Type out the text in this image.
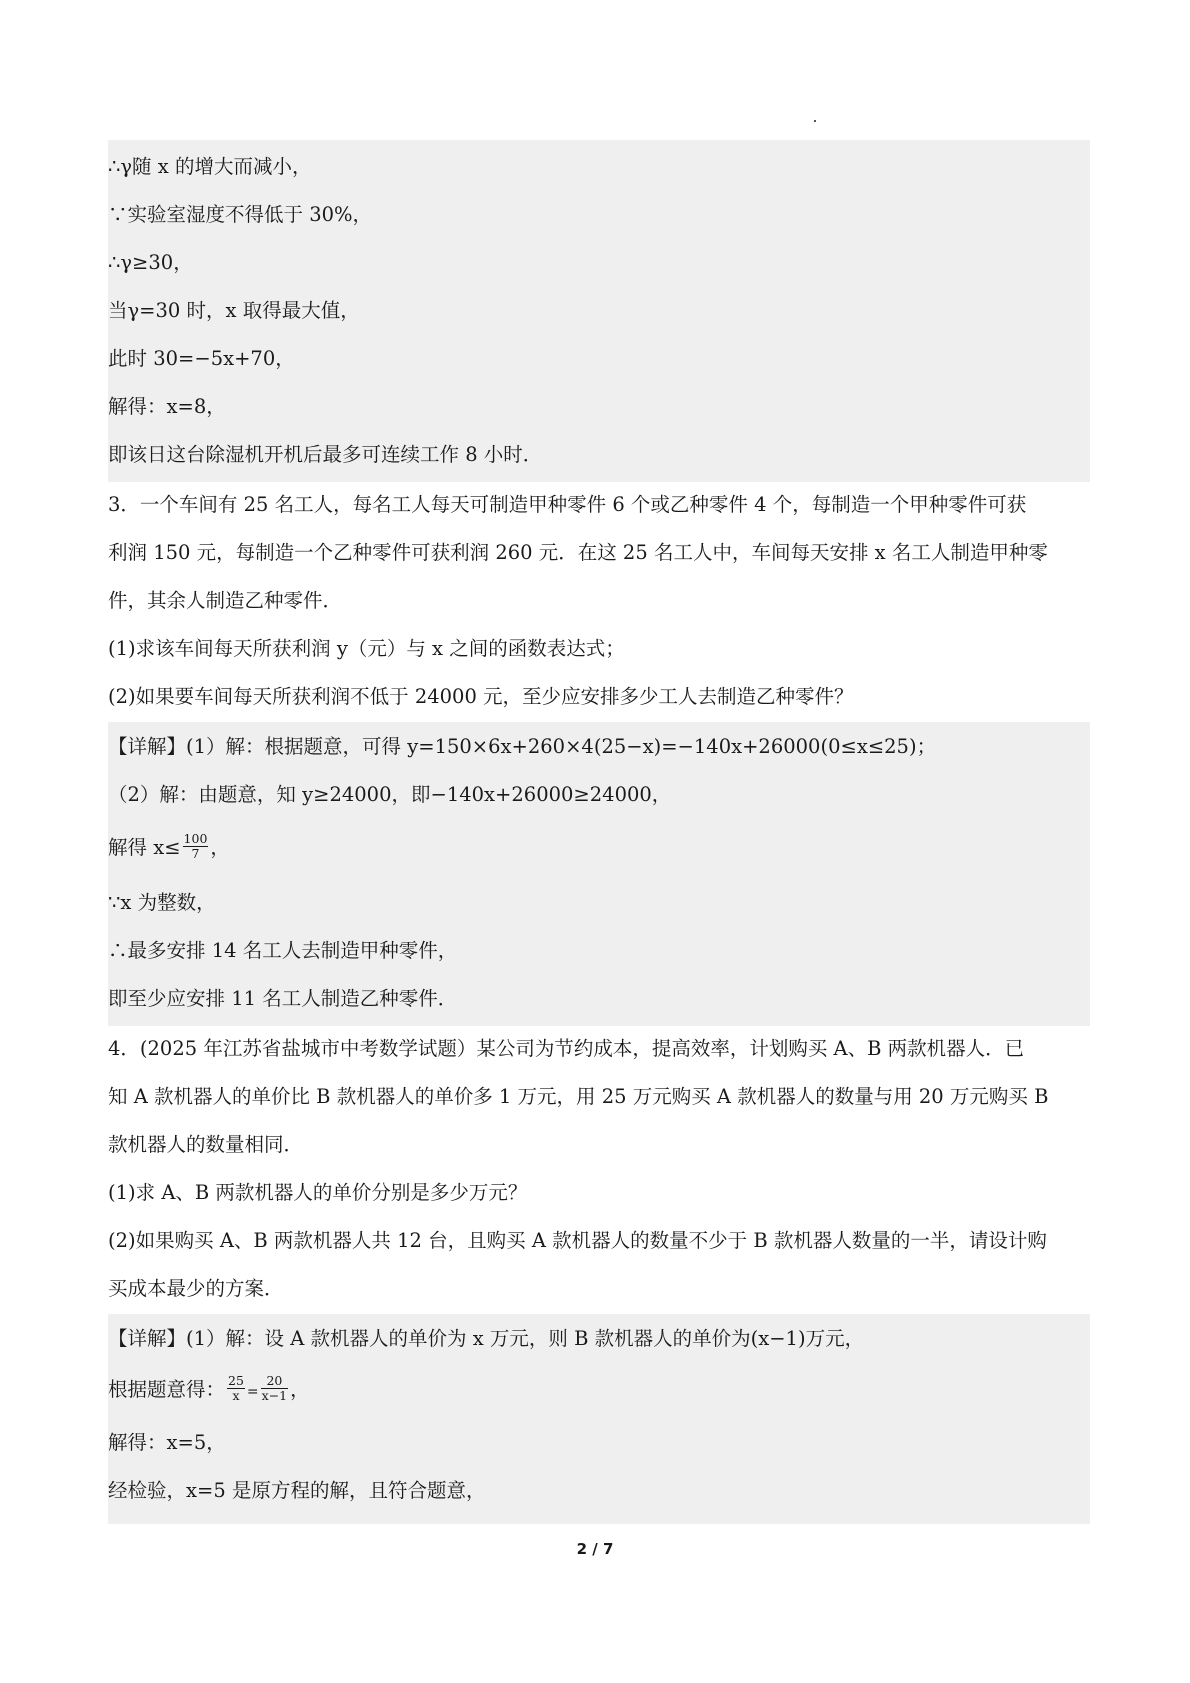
∴γ随 x 的增大而减小，
∵实验室湿度不得低于 30%，
∴γ≥30，
当γ=30 时，x 取得最大值，
此时 30=−5x+70，
解得：x=8，
即该日这台除湿机开机后最多可连续工作 8 小时．
3．一个车间有 25 名工人，每名工人每天可制造甲种零件 6 个或乙种零件 4 个，每制造一个甲种零件可获
利润 150 元，每制造一个乙种零件可获利润 260 元．在这 25 名工人中，车间每天安排 x 名工人制造甲种零
件，其余人制造乙种零件．
(1)求该车间每天所获利润 y（元）与 x 之间的函数表达式；
(2)如果要车间每天所获利润不低于 24000 元，至少应安排多少工人去制造乙种零件？
【详解】(1）解：根据题意，可得 y=150×6x+260×4(25−x)=−140x+26000(0≤x≤25)；
（2）解：由题意，知 y≥24000，即−140x+26000≥24000，
解得 $x\le \frac{100}{7}$ ，
∵x 为整数，
∴最多安排 14 名工人去制造甲种零件，
即至少应安排 11 名工人制造乙种零件．
4．(2025 年江苏省盐城市中考数学试题）某公司为节约成本，提高效率，计划购买 A、B 两款机器人．已
知 A 款机器人的单价比 B 款机器人的单价多 1 万元，用 25 万元购买 A 款机器人的数量与用 20 万元购买 B
款机器人的数量相同．
(1)求 A、B 两款机器人的单价分别是多少万元？
(2)如果购买 A、B 两款机器人共 12 台，且购买 A 款机器人的数量不少于 B 款机器人数量的一半，请设计购
买成本最少的方案．
【详解】(1）解：设 A 款机器人的单价为 x 万元，则 B 款机器人的单价为(x−1)万元，
根据题意得： $\frac{25}{x} = \frac{20}{x-1}$ ，
解得：x=5，
经检验，x=5 是原方程的解，且符合题意，
2 / 7
